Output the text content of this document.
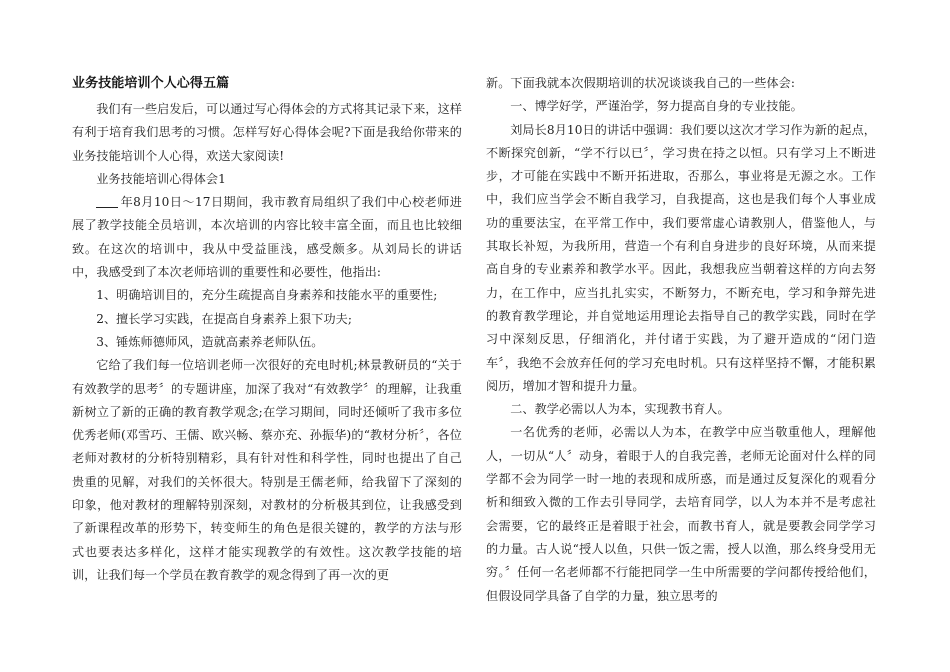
业务技能培训个人心得五篇

我们有一些启发后，可以通过写心得体会的方式将其记录下来，这样有利于培育我们思考的习惯。怎样写好心得体会呢?下面是我给你带来的业务技能培训个人心得，欢送大家阅读!

业务技能培训心得体会1

年8月10日～17日期间，我市教育局组织了我们中心校老师进展了教学技能全员培训，本次培训的内容比较丰富全面，而且也比较细致。在这次的培训中，我从中受益匪浅，感受颇多。从刘局长的讲话中，我感受到了本次老师培训的重要性和必要性，他指出:

1、明确培训目的，充分生疏提高自身素养和技能水平的重要性;

2、擅长学习实践，在提高自身素养上狠下功夫;

3、锤炼师德师风，造就高素养老师队伍。

它给了我们每一位培训老师一次很好的充电时机;林景教研员的“关于有效教学的思考〞的专题讲座，加深了我对“有效教学〞的理解，让我重新树立了新的正确的教育教学观念;在学习期间，同时还倾听了我市多位优秀老师(邓雪巧、王儒、欧兴畅、蔡亦充、孙振华)的“教材分析〞，各位老师对教材的分析特别精彩，具有针对性和科学性，同时也提出了自己贵重的见解，对我们的关怀很大。特别是王儒老师，给我留下了深刻的印象，他对教材的理解特别深刻，对教材的分析极其到位，让我感受到了新课程改革的形势下，转变师生的角色是很关键的，教学的方法与形式也要表达多样化，这样才能实现教学的有效性。这次教学技能的培训，让我们每一个学员在教育教学的观念得到了再一次的更

新。下面我就本次假期培训的状况谈谈我自己的一些体会:

一、博学好学，严谨治学，努力提高自身的专业技能。

刘局长8月10日的讲话中强调：我们要以这次才学习作为新的起点，不断探究创新，“学不行以已〞，学习贵在持之以恒。只有学习上不断进步，才可能在实践中不断开拓进取，否那么，事业将是无源之水。工作中，我们应当学会不断自我学习，自我提高，这也是我们每个人事业成功的重要法宝，在平常工作中，我们要常虚心请教别人，借鉴他人，与其取长补短，为我所用，营造一个有利自身进步的良好环境，从而来提高自身的专业素养和教学水平。因此，我想我应当朝着这样的方向去努力，在工作中，应当扎扎实实，不断努力，不断充电，学习和争辩先进的教育教学理论，并自觉地运用理论去指导自己的教学实践，同时在学习中深刻反思，仔细消化，并付诸于实践，为了避开造成的“闭门造车〞，我绝不会放弃任何的学习充电时机。只有这样坚持不懈，才能积累阅历，增加才智和提升力量。

二、教学必需以人为本，实现教书育人。

一名优秀的老师，必需以人为本，在教学中应当敬重他人，理解他人，一切从“人〞动身，着眼于人的自我完善，老师无论面对什么样的同学都不会为同学一时一地的表现和成所惑，而是通过反复深化的观看分析和细致入微的工作去引导同学，去培育同学，以人为本并不是考虑社会需要，它的最终正是着眼于社会，而教书育人，就是要教会同学学习的力量。古人说“授人以鱼，只供一饭之需，授人以渔，那么终身受用无穷。〞任何一名老师都不行能把同学一生中所需要的学问都传授给他们，但假设同学具备了自学的力量，独立思考的
